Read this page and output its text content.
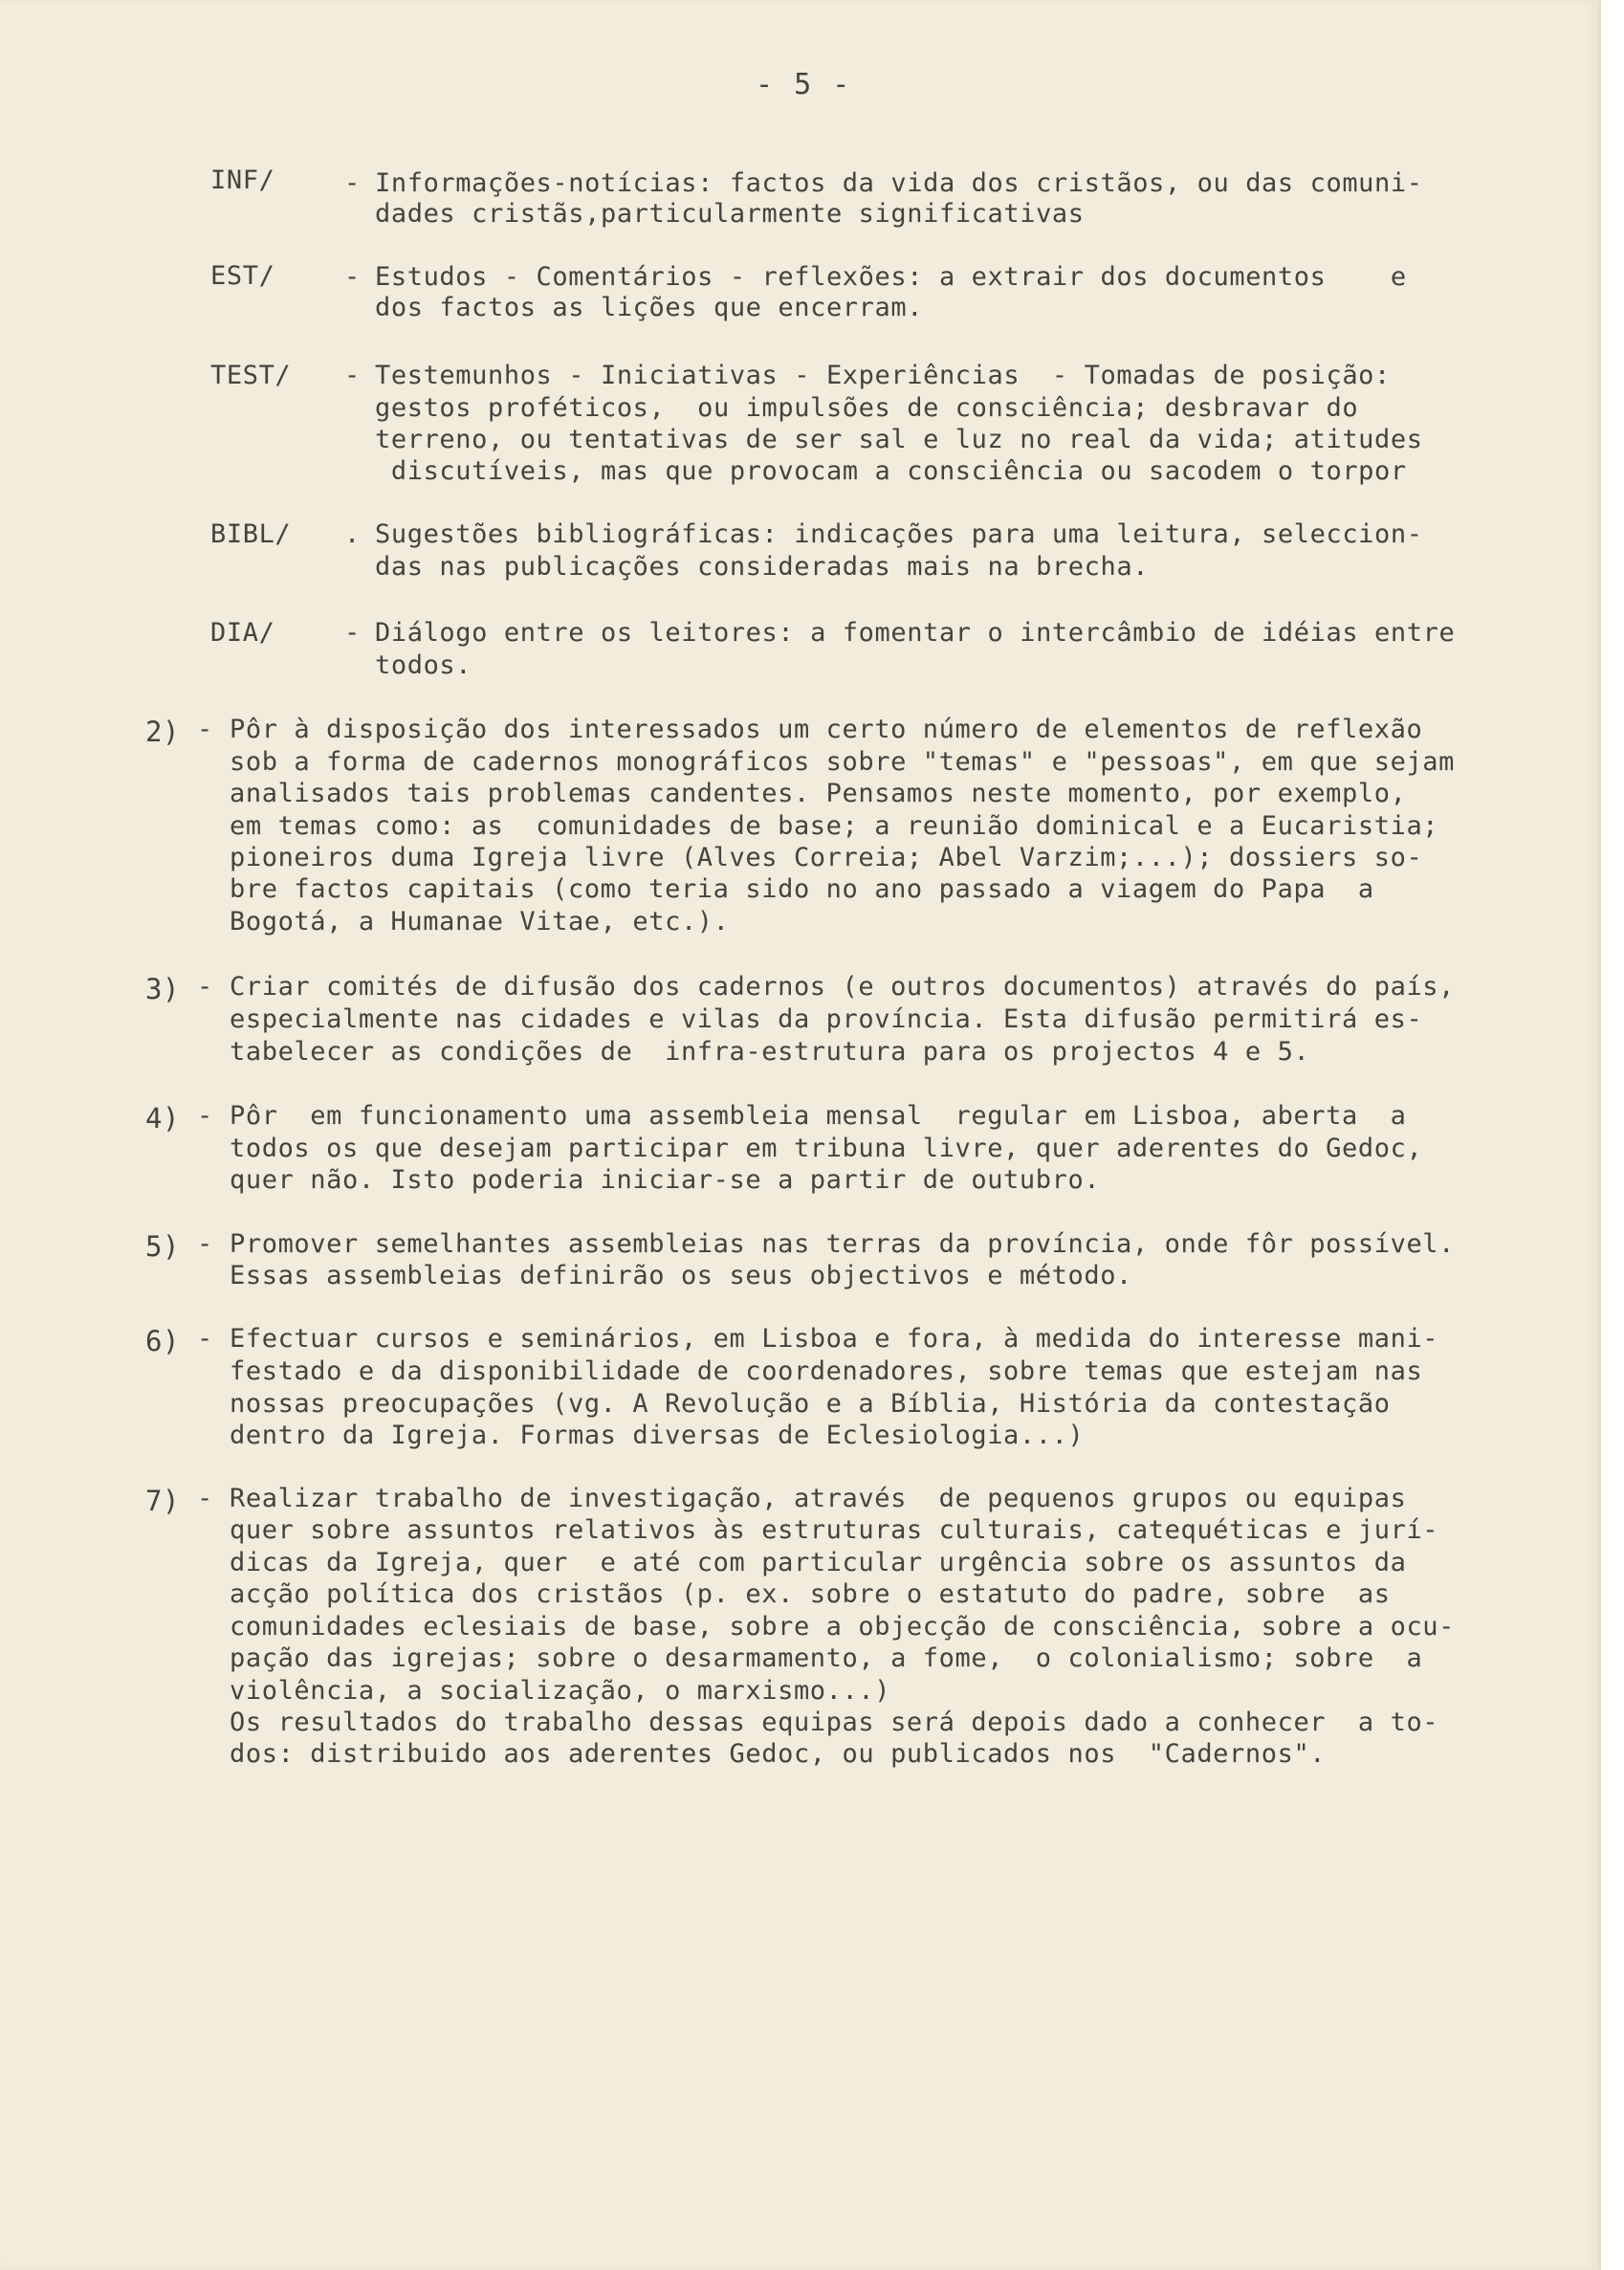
- 5 -
INF/	- Informações-notícias: factos da vida dos cristãos, ou das comuni-
dades cristãs,particularmente significativas
EST/	- Estudos - Comentários - reflexões: a extrair dos documentos    e
dos factos as lições que encerram.
TEST/ - Testemunhos - Iniciativas - Experiências  - Tomadas de posição:
gestos proféticos,  ou impulsões de consciência; desbravar do
terreno, ou tentativas de ser sal e luz no real da vida; atitudes
discutíveis, mas que provocam a consciência ou sacodem o torpor
BIBL/ . Sugestões bibliográficas: indicações para uma leitura, seleccion-
das nas publicações consideradas mais na brecha.
DIA/	- Diálogo entre os leitores: a fomentar o intercâmbio de idéias entre
todos.
2) - Pôr à disposição dos interessados um certo número de elementos de reflexão
sob a forma de cadernos monográficos sobre "temas" e "pessoas", em que sejam
analisados tais problemas candentes. Pensamos neste momento, por exemplo,
em temas como: as  comunidades de base; a reunião dominical e a Eucaristia;
pioneiros duma Igreja livre (Alves Correia; Abel Varzim;...); dossiers so-
bre factos capitais (como teria sido no ano passado a viagem do Papa  a
Bogotá, a Humanae Vitae, etc.).
3) - Criar comités de difusão dos cadernos (e outros documentos) através do país,
especialmente nas cidades e vilas da província. Esta difusão permitirá es-
tabelecer as condições de  infra-estrutura para os projectos 4 e 5.
4) - Pôr  em funcionamento uma assembleia mensal  regular em Lisboa, aberta  a
todos os que desejam participar em tribuna livre, quer aderentes do Gedoc,
quer não. Isto poderia iniciar-se a partir de outubro.
5) - Promover semelhantes assembleias nas terras da província, onde fôr possível.
Essas assembleias definirão os seus objectivos e método.
6) - Efectuar cursos e seminários, em Lisboa e fora, à medida do interesse mani-
festado e da disponibilidade de coordenadores, sobre temas que estejam nas
nossas preocupações (vg. A Revolução e a Bíblia, História da contestação
dentro da Igreja. Formas diversas de Eclesiologia...)
7) - Realizar trabalho de investigação, através  de pequenos grupos ou equipas
quer sobre assuntos relativos às estruturas culturais, catequéticas e jurí-
dicas da Igreja, quer  e até com particular urgência sobre os assuntos da
acção política dos cristãos (p. ex. sobre o estatuto do padre, sobre  as
comunidades eclesiais de base, sobre a objecção de consciência, sobre a ocu-
pação das igrejas; sobre o desarmamento, a fome,  o colonialismo; sobre  a
violência, a socialização, o marxismo...)
Os resultados do trabalho dessas equipas será depois dado a conhecer  a to-
dos: distribuido aos aderentes Gedoc, ou publicados nos  "Cadernos".
